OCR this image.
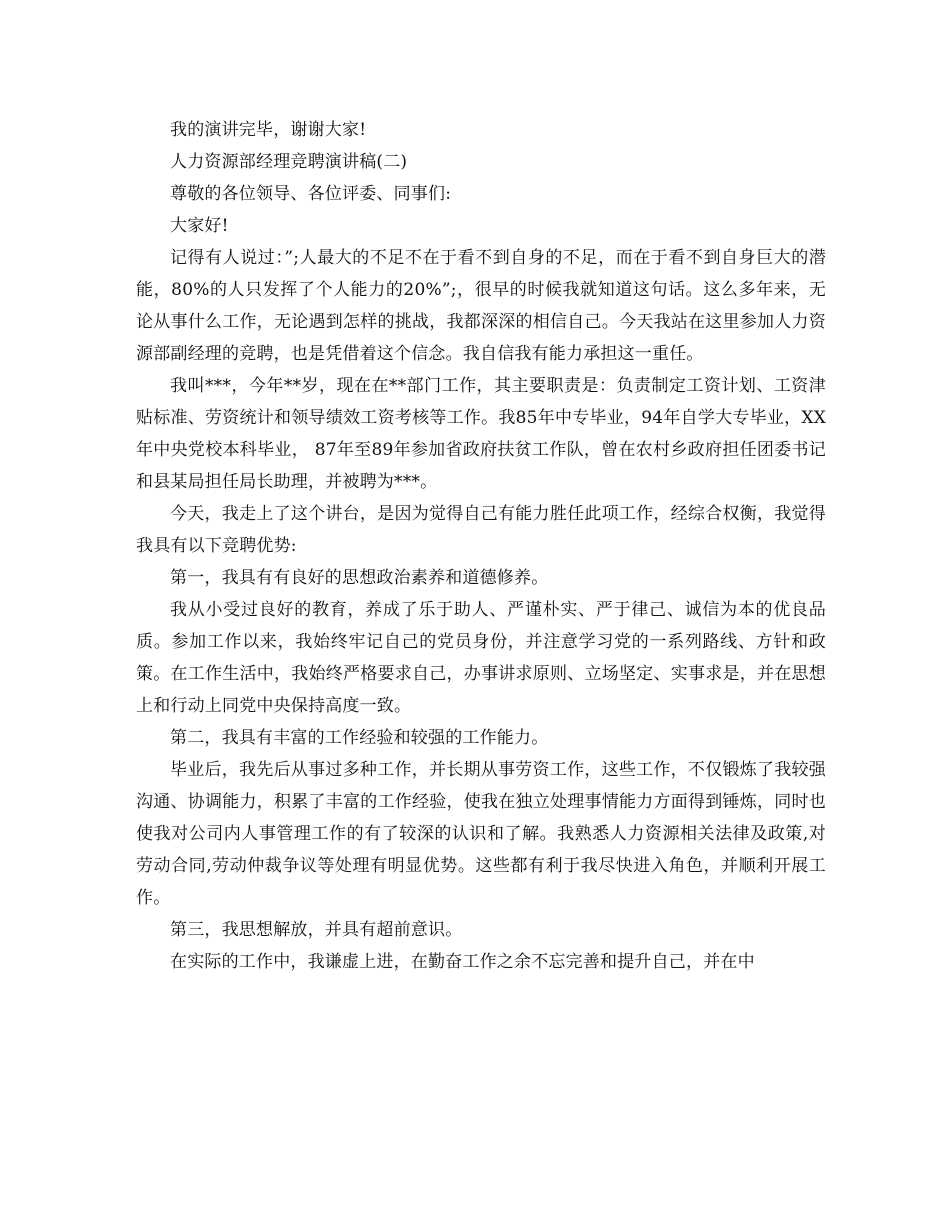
我的演讲完毕，谢谢大家!

人力资源部经理竞聘演讲稿(二)

尊敬的各位领导、各位评委、同事们:

大家好!

记得有人说过：”;人最大的不足不在于看不到自身的不足，而在于看不到自身巨大的潜能，80%的人只发挥了个人能力的20%”;，很早的时候我就知道这句话。这么多年来，无论从事什么工作，无论遇到怎样的挑战，我都深深的相信自己。今天我站在这里参加人力资源部副经理的竞聘，也是凭借着这个信念。我自信我有能力承担这一重任。

我叫***，今年**岁，现在在**部门工作，其主要职责是：负责制定工资计划、工资津贴标准、劳资统计和领导绩效工资考核等工作。我85年中专毕业，94年自学大专毕业，XX年中央党校本科毕业， 87年至89年参加省政府扶贫工作队，曾在农村乡政府担任团委书记和县某局担任局长助理，并被聘为***。

今天，我走上了这个讲台，是因为觉得自己有能力胜任此项工作，经综合权衡，我觉得我具有以下竞聘优势:

第一，我具有有良好的思想政治素养和道德修养。

我从小受过良好的教育，养成了乐于助人、严谨朴实、严于律己、诚信为本的优良品质。参加工作以来，我始终牢记自己的党员身份，并注意学习党的一系列路线、方针和政策。在工作生活中，我始终严格要求自己，办事讲求原则、立场坚定、实事求是，并在思想上和行动上同党中央保持高度一致。

第二，我具有丰富的工作经验和较强的工作能力。

毕业后，我先后从事过多种工作，并长期从事劳资工作，这些工作，不仅锻炼了我较强沟通、协调能力，积累了丰富的工作经验，使我在独立处理事情能力方面得到锤炼，同时也使我对公司内人事管理工作的有了较深的认识和了解。我熟悉人力资源相关法律及政策,对劳动合同,劳动仲裁争议等处理有明显优势。这些都有利于我尽快进入角色，并顺利开展工作。

第三，我思想解放，并具有超前意识。

在实际的工作中，我谦虚上进，在勤奋工作之余不忘完善和提升自己，并在中
